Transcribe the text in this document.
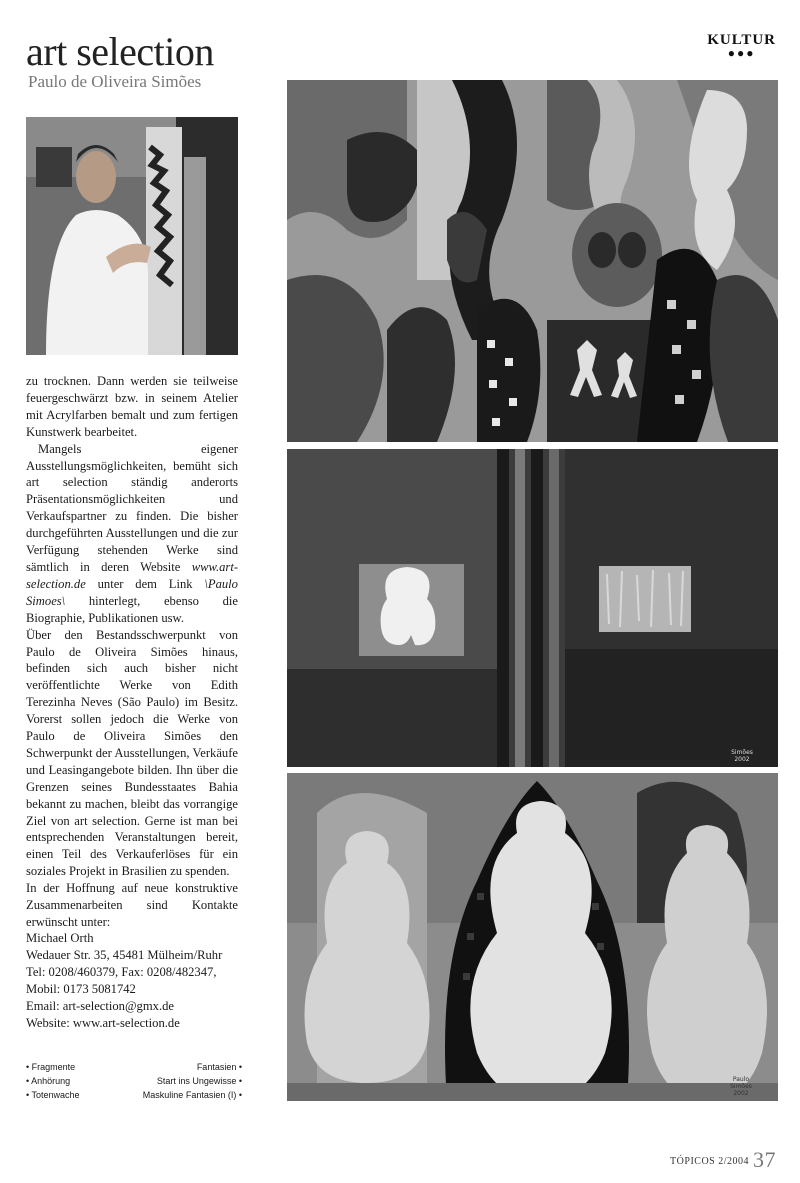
art selection
Paulo de Oliveira Simões
KULTUR
●●●

zu trocknen. Dann werden sie teilweise feuergeschwärzt bzw. in seinem Atelier mit Acrylfarben bemalt und zum fertigen Kunstwerk bearbeitet.

Mangels eigener Ausstellungsmöglichkeiten, bemüht sich art selection ständig anderorts Präsentationsmöglichkeiten und Verkaufspartner zu finden. Die bisher durchgeführten Ausstellungen und die zur Verfügung stehenden Werke sind sämtlich in deren Website www.art-selection.de unter dem Link \Paulo Simoes\ hinterlegt, ebenso die Biographie, Publikationen usw.

Über den Bestandsschwerpunkt von Paulo de Oliveira Simões hinaus, befinden sich auch bisher nicht veröffentlichte Werke von Edith Terezinha Neves (São Paulo) im Besitz. Vorerst sollen jedoch die Werke von Paulo de Oliveira Simões den Schwerpunkt der Ausstellungen, Verkäufe und Leasingangebote bilden. Ihn über die Grenzen seines Bundesstaates Bahia bekannt zu machen, bleibt das vorrangige Ziel von art selection. Gerne ist man bei entsprechenden Veranstaltungen bereit, einen Teil des Verkauferlöses für ein soziales Projekt in Brasilien zu spenden.

In der Hoffnung auf neue konstruktive Zusammenarbeiten sind Kontakte erwünscht unter:

Michael Orth
Wedauer Str. 35, 45481 Mülheim/Ruhr
Tel: 0208/460379, Fax: 0208/482347,
Mobil: 0173 5081742
Email: art-selection@gmx.de
Website: www.art-selection.de
• Fragmente	Fantasien •
• Anhörung	Start ins Ungewisse •
• Totenwache	Maskuline Fantasien (I) •
Simões 2002
Paulo Simões 2002
TÓPICOS 2/2004 37
